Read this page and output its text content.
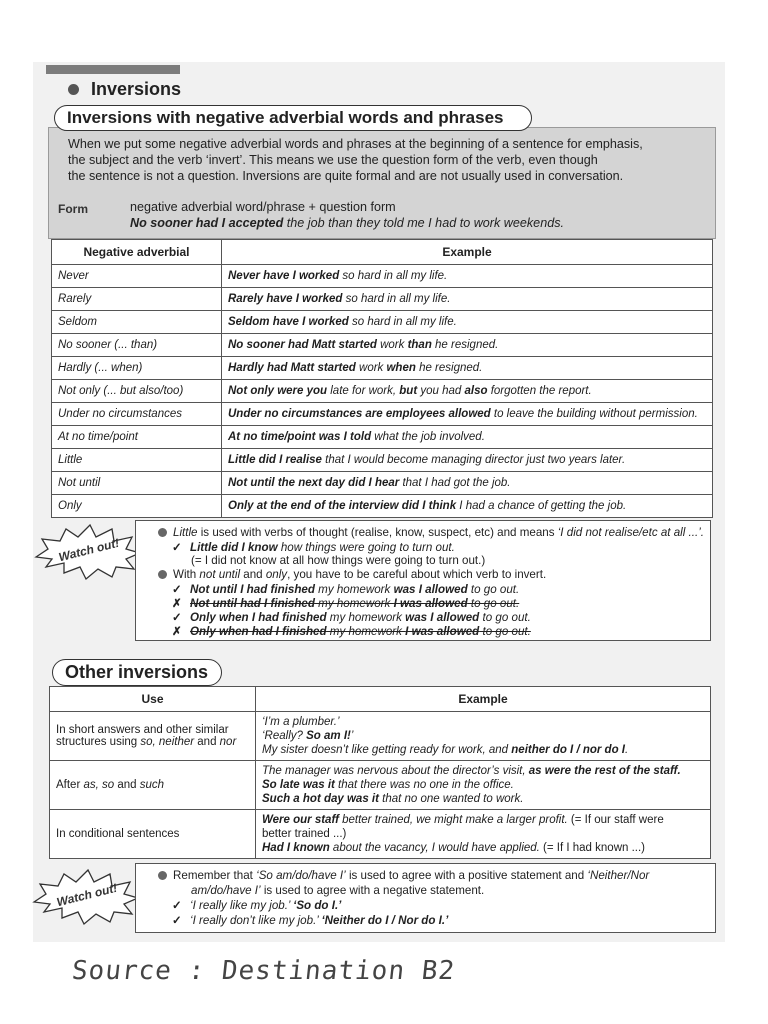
Inversions
Inversions with negative adverbial words and phrases
When we put some negative adverbial words and phrases at the beginning of a sentence for emphasis,
the subject and the verb ‘invert’. This means we use the question form of the verb, even though
the sentence is not a question. Inversions are quite formal and are not usually used in conversation.
Form	negative adverbial word/phrase + question form
No sooner had I accepted the job than they told me I had to work weekends.
Negative adverbial	Example
Never	Never have I worked so hard in all my life.
Rarely	Rarely have I worked so hard in all my life.
Seldom	Seldom have I worked so hard in all my life.
No sooner (... than)	No sooner had Matt started work than he resigned.
Hardly (... when)	Hardly had Matt started work when he resigned.
Not only (... but also/too)	Not only were you late for work, but you had also forgotten the report.
Under no circumstances	Under no circumstances are employees allowed to leave the building without permission.
At no time/point	At no time/point was I told what the job involved.
Little	Little did I realise that I would become managing director just two years later.
Not until	Not until the next day did I hear that I had got the job.
Only	Only at the end of the interview did I think I had a chance of getting the job.
Watch out!
Little is used with verbs of thought (realise, know, suspect, etc) and means ‘I did not realise/etc at all ...’.
✓ Little did I know how things were going to turn out.
(= I did not know at all how things were going to turn out.)
With not until and only, you have to be careful about which verb to invert.
✓ Not until I had finished my homework was I allowed to go out.
✗ Not until had I finished my homework I was allowed to go out.
✓ Only when I had finished my homework was I allowed to go out.
✗ Only when had I finished my homework I was allowed to go out.
Other inversions
Use	Example
In short answers and other similar structures using so, neither and nor	‘I’m a plumber.’
‘Really? So am I!’
My sister doesn’t like getting ready for work, and neither do I / nor do I.

After as, so and such	The manager was nervous about the director’s visit, as were the rest of the staff.
So late was it that there was no one in the office.
Such a hot day was it that no one wanted to work.

In conditional sentences	Were our staff better trained, we might make a larger profit. (= If our staff were
better trained ...)
Had I known about the vacancy, I would have applied. (= If I had known ...)
Watch out!
Remember that ‘So am/do/have I’ is used to agree with a positive statement and ‘Neither/Nor
am/do/have I’ is used to agree with a negative statement.
✓ ‘I really like my job.’ ‘So do I.’
✓ ‘I really don’t like my job.’ ‘Neither do I / Nor do I.’
Source : Destination B2
